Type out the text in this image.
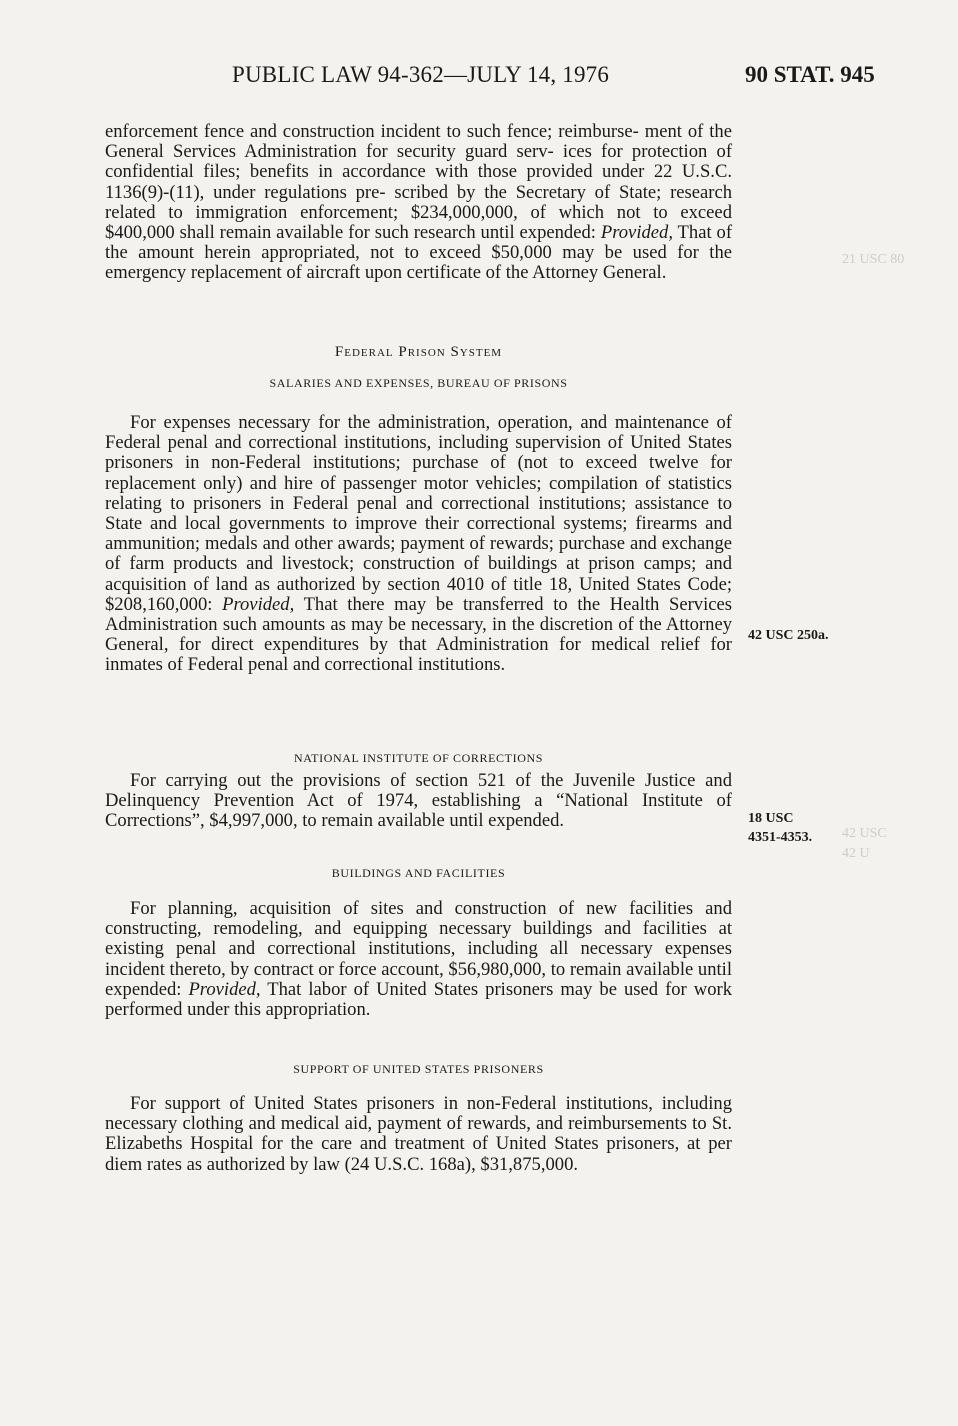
PUBLIC LAW 94-362—JULY 14, 1976	90 STAT. 945
21 USC 80
42 USC
42 U

enforcement fence and construction incident to such fence; reimburse- ment of the General Services Administration for security guard serv- ices for protection of confidential files; benefits in accordance with those provided under 22 U.S.C. 1136(9)-(11), under regulations pre- scribed by the Secretary of State; research related to immigration enforcement; $234,000,000, of which not to exceed $400,000 shall remain available for such research until expended: Provided, That of the amount herein appropriated, not to exceed $50,000 may be used for the emergency replacement of aircraft upon certificate of the Attorney General.

Federal Prison System
SALARIES AND EXPENSES, BUREAU OF PRISONS

For expenses necessary for the administration, operation, and maintenance of Federal penal and correctional institutions, including supervision of United States prisoners in non-Federal institutions; purchase of (not to exceed twelve for replacement only) and hire of passenger motor vehicles; compilation of statistics relating to prisoners in Federal penal and correctional institutions; assistance to State and local governments to improve their correctional systems; firearms and ammunition; medals and other awards; payment of rewards; purchase and exchange of farm products and livestock; construction of buildings at prison camps; and acquisition of land as authorized by section 4010 of title 18, United States Code; $208,160,000: Provided, That there may be transferred to the Health Services Administration such amounts as may be necessary, in the discretion of the Attorney General, for direct expenditures by that Administration for medical relief for inmates of Federal penal and correctional institutions.

42 USC 250a.
NATIONAL INSTITUTE OF CORRECTIONS

For carrying out the provisions of section 521 of the Juvenile Justice and Delinquency Prevention Act of 1974, establishing a “National Institute of Corrections”, $4,997,000, to remain available until expended.	18 USC
4351-4353.
BUILDINGS AND FACILITIES

For planning, acquisition of sites and construction of new facilities and constructing, remodeling, and equipping necessary buildings and facilities at existing penal and correctional institutions, including all necessary expenses incident thereto, by contract or force account, $56,980,000, to remain available until expended: Provided, That labor of United States prisoners may be used for work performed under this appropriation.

SUPPORT OF UNITED STATES PRISONERS

For support of United States prisoners in non-Federal institutions, including necessary clothing and medical aid, payment of rewards, and reimbursements to St. Elizabeths Hospital for the care and treatment of United States prisoners, at per diem rates as authorized by law (24 U.S.C. 168a), $31,875,000.
